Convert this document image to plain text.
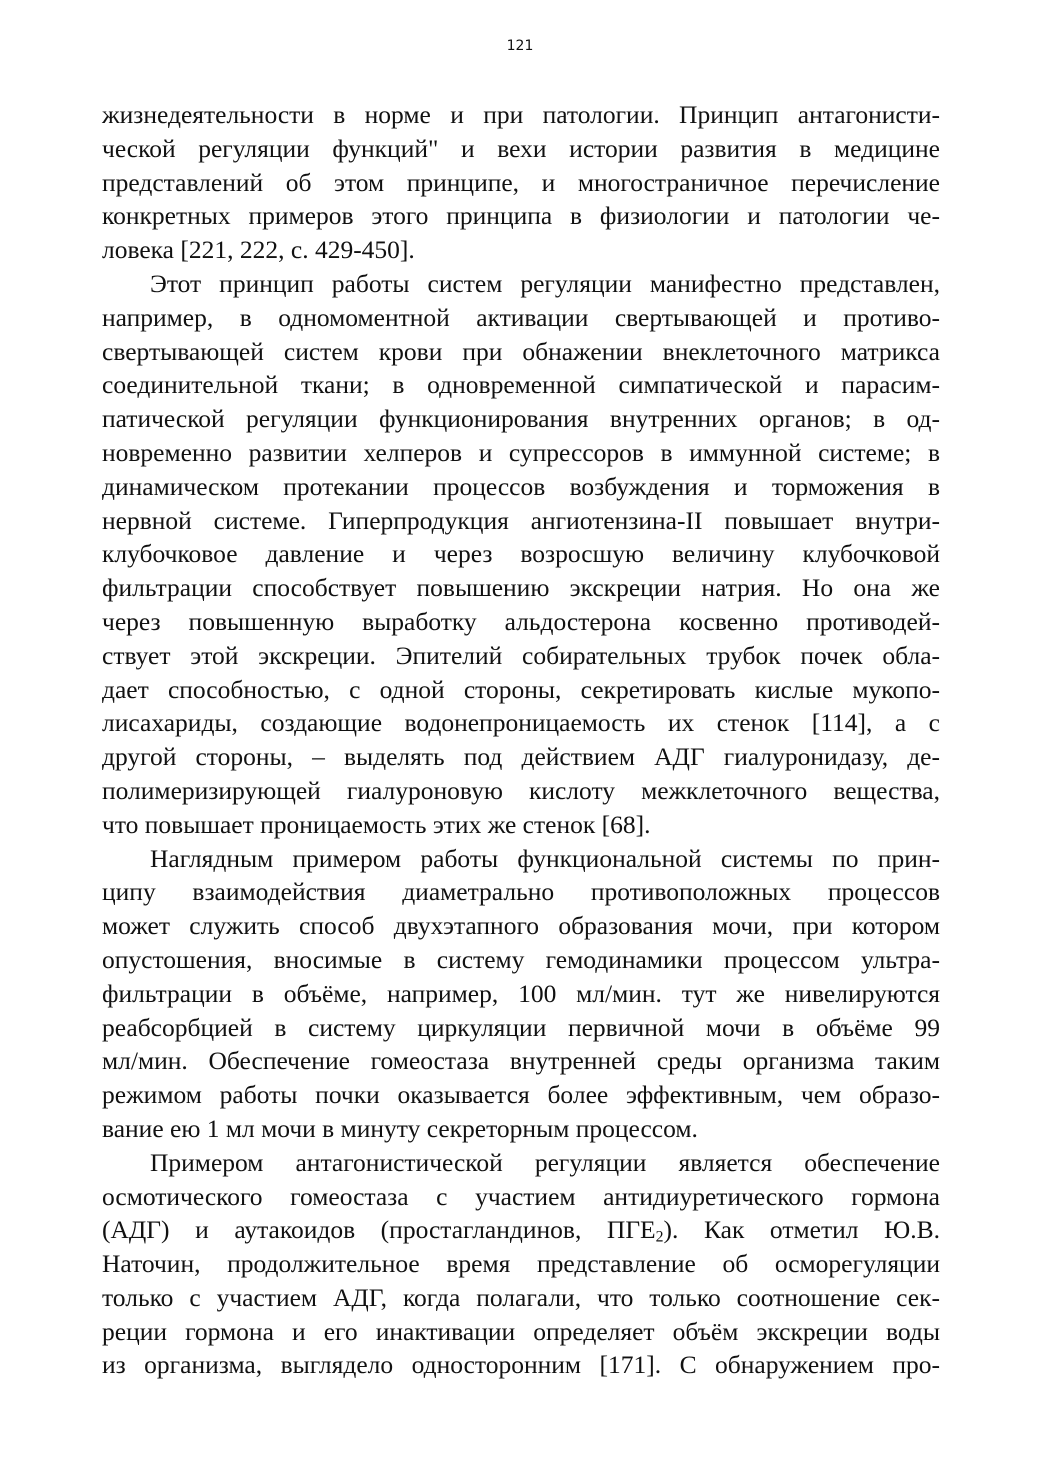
121
жизнедеятельности в норме и при патологии. Принцип антагонисти-
ческой регуляции функций" и вехи истории развития в медицине
представлений об этом принципе, и многостраничное перечисление
конкретных примеров этого принципа в физиологии и патологии че-
ловека [221, 222, с. 429-450].
Этот принцип работы систем регуляции манифестно представлен,
например, в одномоментной активации свертывающей и противо-
свертывающей систем крови при обнажении внеклеточного матрикса
соединительной ткани; в одновременной симпатической и парасим-
патической регуляции функционирования внутренних органов; в од-
новременно развитии хелперов и супрессоров в иммунной системе; в
динамическом протекании процессов возбуждения и торможения в
нервной системе. Гиперпродукция ангиотензина-II повышает внутри-
клубочковое давление и через возросшую величину клубочковой
фильтрации способствует повышению экскреции натрия. Но она же
через повышенную выработку альдостерона косвенно противодей-
ствует этой экскреции. Эпителий собирательных трубок почек обла-
дает способностью, с одной стороны, секретировать кислые мукопо-
лисахариды, создающие водонепроницаемость их стенок [114], а с
другой стороны, – выделять под действием АДГ гиалуронидазу, де-
полимеризирующей гиалуроновую кислоту межклеточного вещества,
что повышает проницаемость этих же стенок [68].
Наглядным примером работы функциональной системы по прин-
ципу взаимодействия диаметрально противоположных процессов
может служить способ двухэтапного образования мочи, при котором
опустошения, вносимые в систему гемодинамики процессом ультра-
фильтрации в объёме, например, 100 мл/мин. тут же нивелируются
реабсорбцией в систему циркуляции первичной мочи в объёме 99
мл/мин. Обеспечение гомеостаза внутренней среды организма таким
режимом работы почки оказывается более эффективным, чем образо-
вание ею 1 мл мочи в минуту секреторным процессом.
Примером антагонистической регуляции является обеспечение
осмотического гомеостаза с участием антидиуретического гормона
(АДГ) и аутакоидов (простагландинов, $ПГЕ_2$). Как отметил Ю.В.
Наточин, продолжительное время представление об осморегуляции
только с участием АДГ, когда полагали, что только соотношение сек-
реции гормона и его инактивации определяет объём экскреции воды
из организма, выглядело односторонним [171]. С обнаружением про-
